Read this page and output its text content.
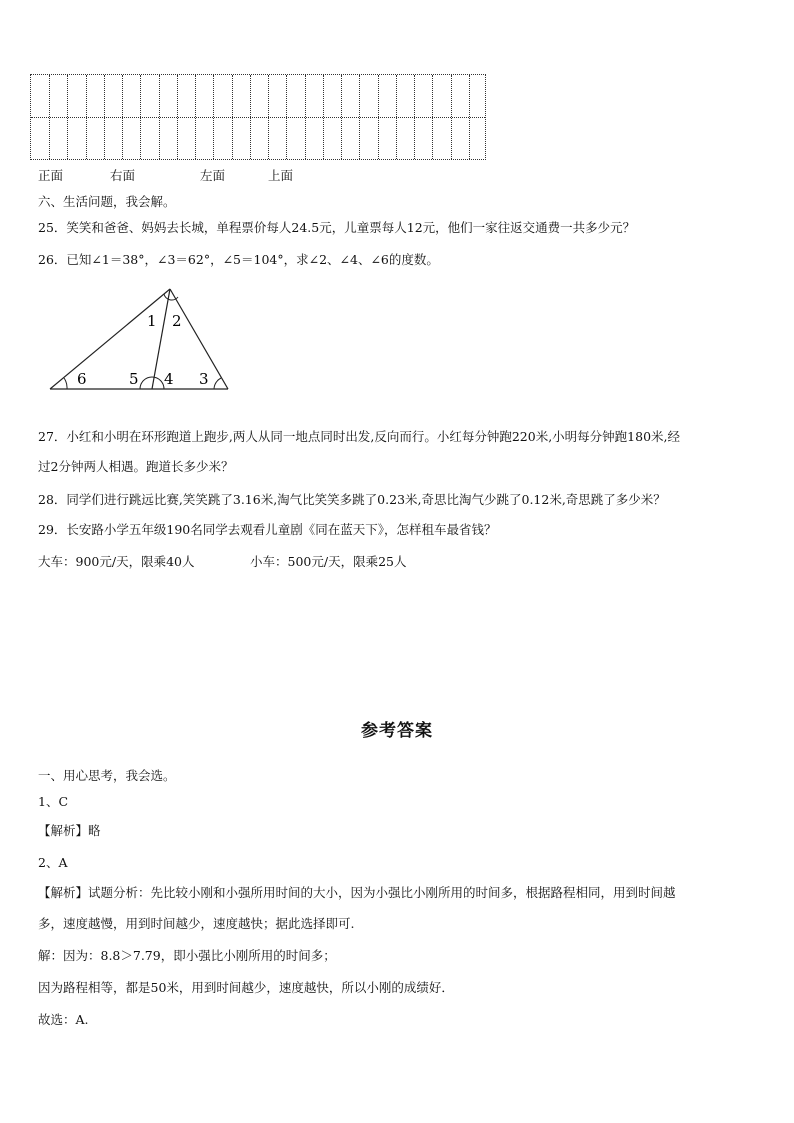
正面	右面	左面	上面
六、生活问题，我会解。
25．笑笑和爸爸、妈妈去长城，单程票价每人24.5元，儿童票每人12元，他们一家往返交通费一共多少元？
26．已知∠1＝38°，∠3＝62°，∠5＝104°，求∠2、∠4、∠6的度数。
1 2
6	5 4 3
27．小红和小明在环形跑道上跑步,两人从同一地点同时出发,反向而行。小红每分钟跑220米,小明每分钟跑180米,经
过2分钟两人相遇。跑道长多少米？
28．同学们进行跳远比赛,笑笑跳了3.16米,淘气比笑笑多跳了0.23米,奇思比淘气少跳了0.12米,奇思跳了多少米？
29．长安路小学五年级190名同学去观看儿童剧《同在蓝天下》，怎样租车最省钱？
大车：900元/天，限乘40人	小车：500元/天，限乘25人
参考答案
一、用心思考，我会选。
1、C
【解析】略
2、A
【解析】试题分析：先比较小刚和小强所用时间的大小，因为小强比小刚所用的时间多，根据路程相同，用到时间越
多，速度越慢，用到时间越少，速度越快；据此选择即可.
解：因为：8.8＞7.79，即小强比小刚所用的时间多；
因为路程相等，都是50米，用到时间越少，速度越快，所以小刚的成绩好．
故选：A.
